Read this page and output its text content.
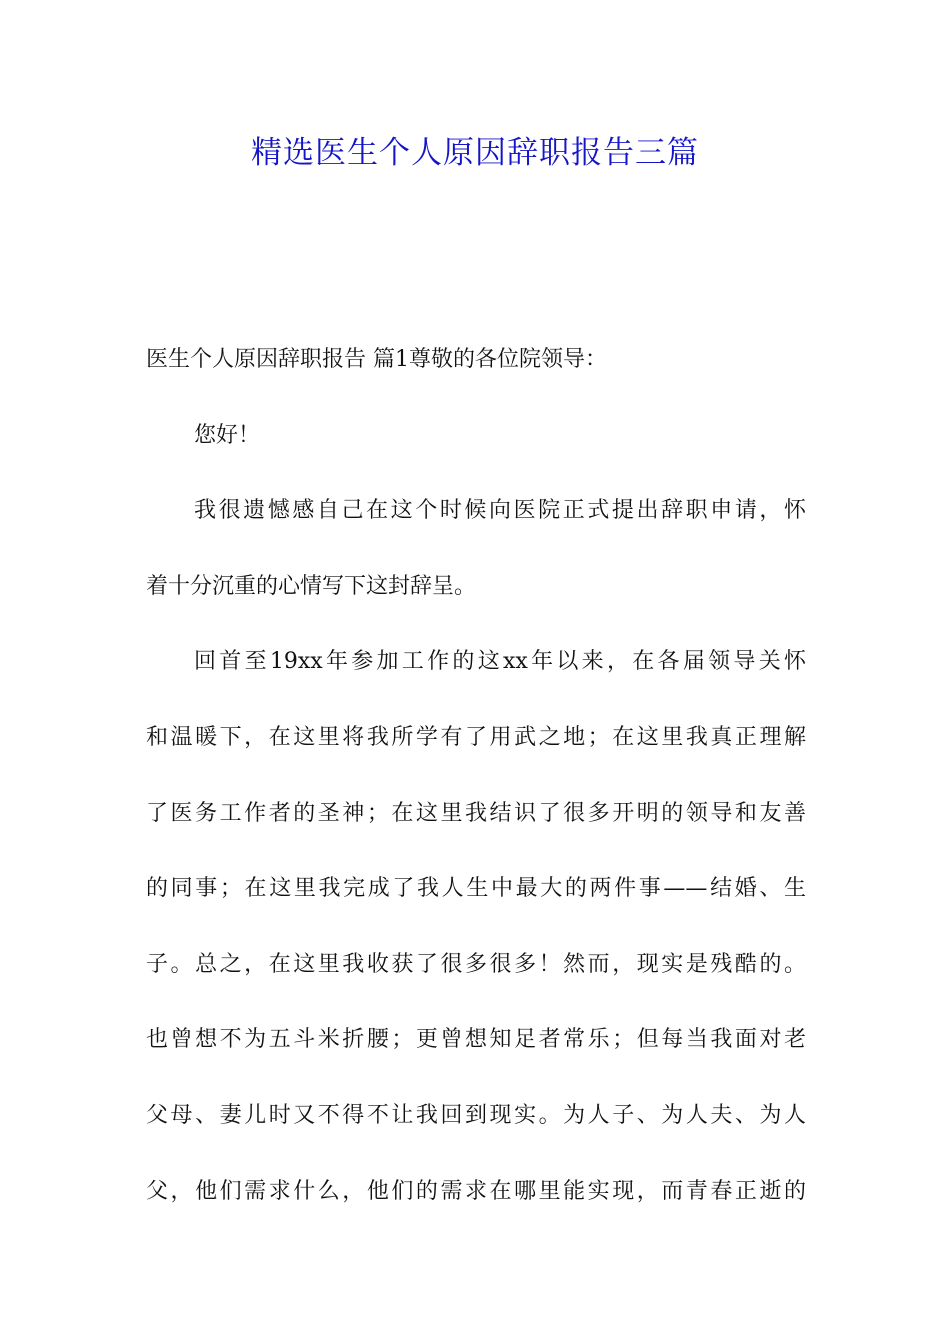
精选医生个人原因辞职报告三篇

医生个人原因辞职报告 篇1尊敬的各位院领导：

您好！

我很遗憾感自己在这个时候向医院正式提出辞职申请，怀

着十分沉重的心情写下这封辞呈。

回首至19xx年参加工作的这xx年以来，在各届领导关怀

和温暖下，在这里将我所学有了用武之地；在这里我真正理解

了医务工作者的圣神；在这里我结识了很多开明的领导和友善

的同事；在这里我完成了我人生中最大的两件事——结婚、生

子。总之，在这里我收获了很多很多！然而，现实是残酷的。

也曾想不为五斗米折腰；更曾想知足者常乐；但每当我面对老

父母、妻儿时又不得不让我回到现实。为人子、为人夫、为人

父，他们需求什么，他们的需求在哪里能实现，而青春正逝的
